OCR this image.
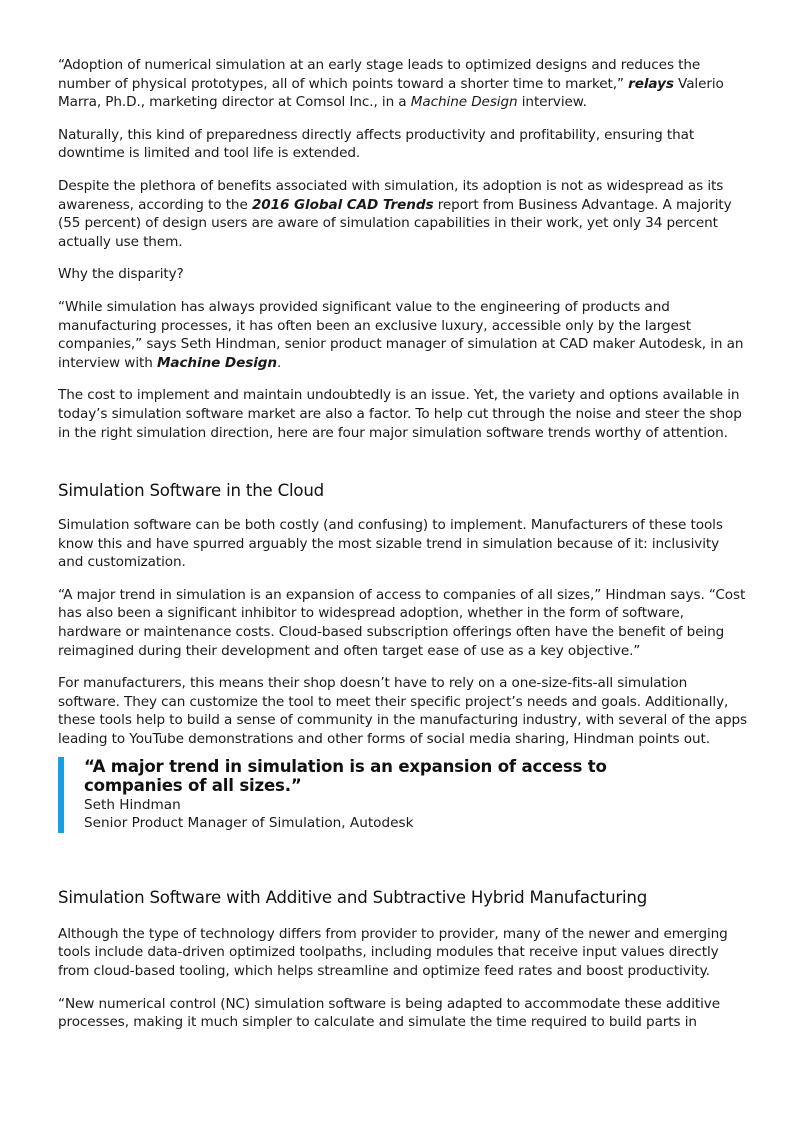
“Adoption of numerical simulation at an early stage leads to optimized designs and reduces the number of physical prototypes, all of which points toward a shorter time to market,” relays Valerio Marra, Ph.D., marketing director at Comsol Inc., in a Machine Design interview.

Naturally, this kind of preparedness directly affects productivity and profitability, ensuring that downtime is limited and tool life is extended.

Despite the plethora of benefits associated with simulation, its adoption is not as widespread as its awareness, according to the 2016 Global CAD Trends report from Business Advantage. A majority (55 percent) of design users are aware of simulation capabilities in their work, yet only 34 percent actually use them.

Why the disparity?

“While simulation has always provided significant value to the engineering of products and manufacturing processes, it has often been an exclusive luxury, accessible only by the largest companies,” says Seth Hindman, senior product manager of simulation at CAD maker Autodesk, in an interview with Machine Design.

The cost to implement and maintain undoubtedly is an issue. Yet, the variety and options available in today’s simulation software market are also a factor. To help cut through the noise and steer the shop in the right simulation direction, here are four major simulation software trends worthy of attention.

Simulation Software in the Cloud

Simulation software can be both costly (and confusing) to implement. Manufacturers of these tools know this and have spurred arguably the most sizable trend in simulation because of it: inclusivity and customization.

“A major trend in simulation is an expansion of access to companies of all sizes,” Hindman says. “Cost has also been a significant inhibitor to widespread adoption, whether in the form of software, hardware or maintenance costs. Cloud-based subscription offerings often have the benefit of being reimagined during their development and often target ease of use as a key objective.”

For manufacturers, this means their shop doesn’t have to rely on a one-size-fits-all simulation software. They can customize the tool to meet their specific project’s needs and goals. Additionally, these tools help to build a sense of community in the manufacturing industry, with several of the apps leading to YouTube demonstrations and other forms of social media sharing, Hindman points out.

“A major trend in simulation is an expansion of access to companies of all sizes.”
Seth Hindman
Senior Product Manager of Simulation, Autodesk
Simulation Software with Additive and Subtractive Hybrid Manufacturing

Although the type of technology differs from provider to provider, many of the newer and emerging tools include data-driven optimized toolpaths, including modules that receive input values directly from cloud-based tooling, which helps streamline and optimize feed rates and boost productivity.

“New numerical control (NC) simulation software is being adapted to accommodate these additive processes, making it much simpler to calculate and simulate the time required to build parts in
